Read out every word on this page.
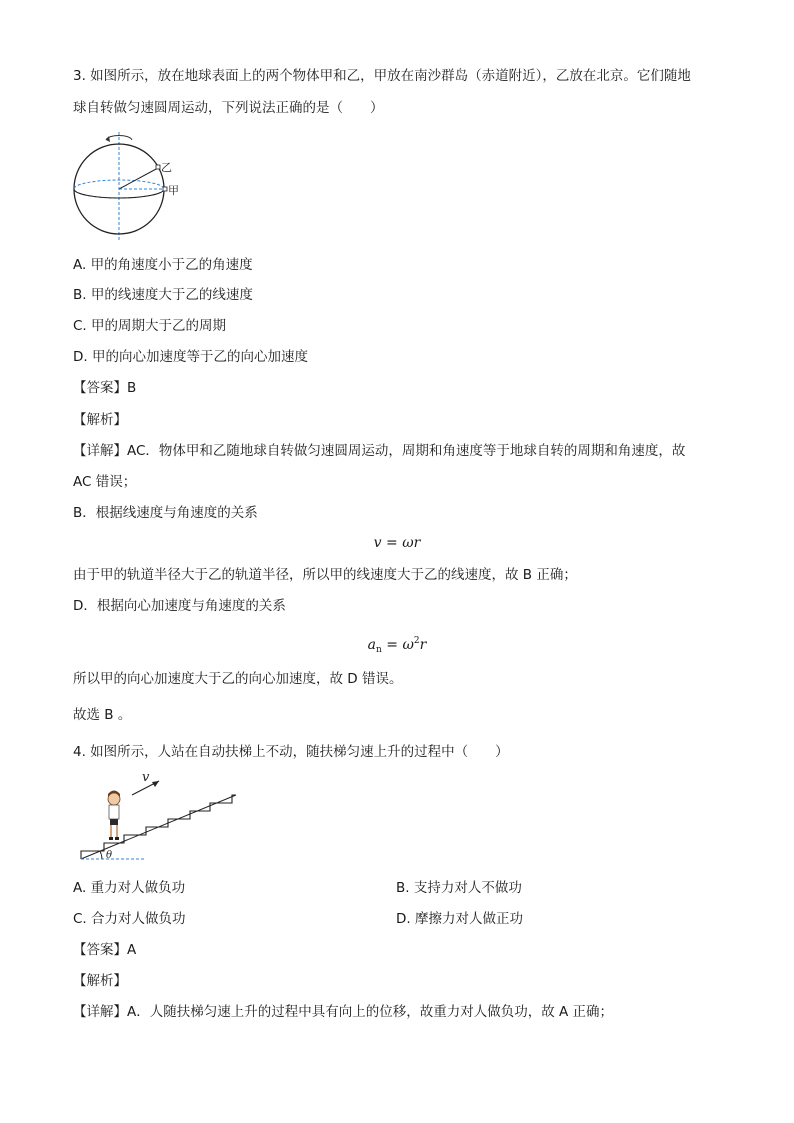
3. 如图所示，放在地球表面上的两个物体甲和乙，甲放在南沙群岛（赤道附近），乙放在北京。它们随地
球自转做匀速圆周运动，下列说法正确的是（　　）
乙
甲
A. 甲的角速度小于乙的角速度
B. 甲的线速度大于乙的线速度
C. 甲的周期大于乙的周期
D. 甲的向心加速度等于乙的向心加速度
【答案】B
【解析】
【详解】AC．物体甲和乙随地球自转做匀速圆周运动，周期和角速度等于地球自转的周期和角速度，故
AC 错误；
B．根据线速度与角速度的关系
v = ωr
由于甲的轨道半径大于乙的轨道半径，所以甲的线速度大于乙的线速度，故 B 正确；
D．根据向心加速度与角速度的关系
$a_n = \omega^2r$
所以甲的向心加速度大于乙的向心加速度，故 D 错误。
故选 B 。
4. 如图所示，人站在自动扶梯上不动，随扶梯匀速上升的过程中（　　）
v
θ
A. 重力对人做负功	B. 支持力对人不做功
C. 合力对人做负功	D. 摩擦力对人做正功
【答案】A
【解析】
【详解】A．人随扶梯匀速上升的过程中具有向上的位移，故重力对人做负功，故 A 正确；
